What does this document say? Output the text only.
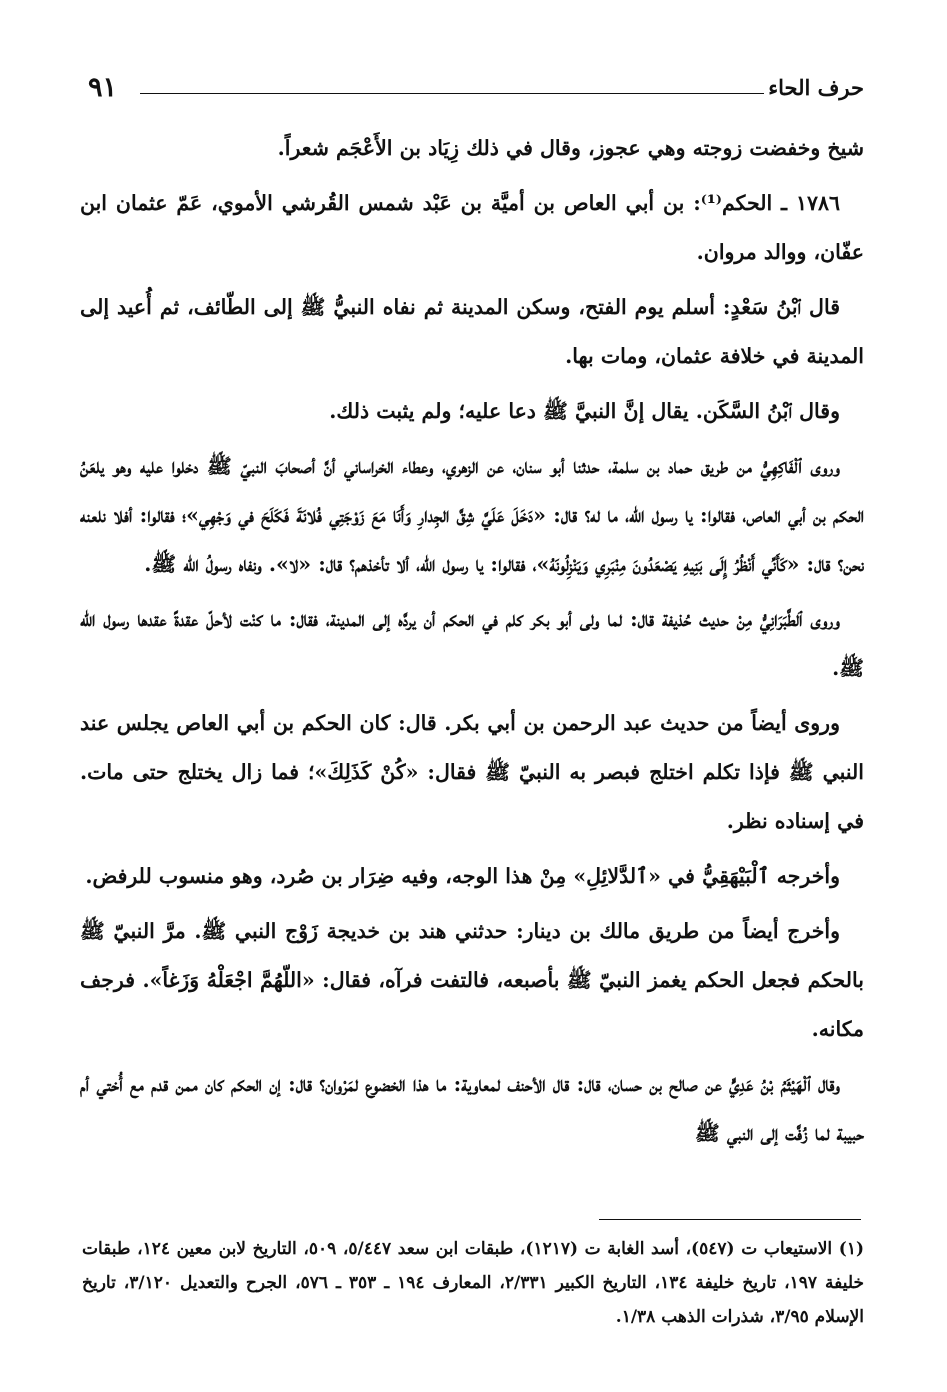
٩١	حرف الحاء

شيخ وخفضت زوجته وهي عجوز، وقال في ذلك زِيَاد بن الأَعْجَم شعراً.

١٧٨٦ ـ الحكم⁽¹⁾: بن أبي العاص بن أميَّة بن عَبْد شمس القُرشي الأموي، عَمّ عثمان ابن عفّان، ووالد مروان.

قال ٱبْنُ سَعْدٍ: أسلم يوم الفتح، وسكن المدينة ثم نفاه النبيُّ ﷺ إلى الطّائف، ثم أُعيد إلى المدينة في خلافة عثمان، ومات بها.

وقال ٱبْنُ السَّكَن. يقال إنَّ النبيَّ ﷺ دعا عليه؛ ولم يثبت ذلك.

وروى ٱلْفَاكِهِيُّ من طريق حماد بن سلمة، حدثنا أبو سنان، عن الزهري، وعطاء الخراساني أنَّ أصحابَ النبيّ ﷺ دخلوا عليه وهو يلعَنُ الحكم بن أبي العاص، فقالوا: يا رسول الله، ما له؟ قال: «دَخَلَ عَلَيَّ شِقَّ الجِدارِ وَأَنَا مَعَ زَوْجَتِي فُلانَةَ فَكَلَحَ في وَجْهِي»؛ فقالوا: أفلا نلعنه نحن؟ قال: «كَأَنِّي أَنْظُرُ إِلَى بَنِيهِ يَصْعَدُونَ مِنْبَرِي وَيَنْزِلُونَهُ»، فقالوا: يا رسول الله، ألا تأخذهم؟ قال: «لا». ونفاه رسولُ الله ﷺ.

وروى ٱلطَّبَرَانِيُّ مِنْ حديث حُذيفة قال: لما ولى أبو بكر كلم في الحكم أن يردَّه إلى المدينة، فقال: ما كنْت لأحلّ عقدةً عقدها رسول الله ﷺ.

وروى أيضاً من حديث عبد الرحمن بن أبي بكر. قال: كان الحكم بن أبي العاص يجلس عند النبي ﷺ فإذا تكلم اختلج فبصر به النبيّ ﷺ فقال: «كُنْ كَذَلِكَ»؛ فما زال يختلج حتى مات. في إسناده نظر.

وأخرجه ٱلْبَيْهَقِيُّ في «ٱلدَّلائِلِ» مِنْ هذا الوجه، وفيه ضِرَار بن صُرد، وهو منسوب للرفض.

وأخرج أيضاً من طريق مالك بن دينار: حدثني هند بن خديجة زَوْج النبي ﷺ. مرَّ النبيّ ﷺ بالحكم فجعل الحكم يغمز النبيّ ﷺ بأصبعه، فالتفت فرآه، فقال: «اللّهُمَّ اجْعَلْهُ وَزَغاً». فرجف مكانه.

وقال ٱلْهَيْثَمُ بْنُ عَدِيٍّ عن صالح بن حسان، قال: قال الأحنف لمعاوية: ما هذا الخضوع لمَرْوان؟ قال: إن الحكم كان ممن قدم مع أُختي أم حبيبة لما زُفَّت إلى النبي ﷺ

(١) الاستيعاب ت (٥٤٧)، أسد الغابة ت (١٢١٧)، طبقات ابن سعد ٥/٤٤٧، ٥٠٩، التاريخ لابن معين ١٢٤، طبقات خليفة ١٩٧، تاريخ خليفة ١٣٤، التاريخ الكبير ٢/٣٣١، المعارف ١٩٤ ـ ٣٥٣ ـ ٥٧٦، الجرح والتعديل ٣/١٢٠، تاريخ الإسلام ٣/٩٥، شذرات الذهب ١/٣٨.
